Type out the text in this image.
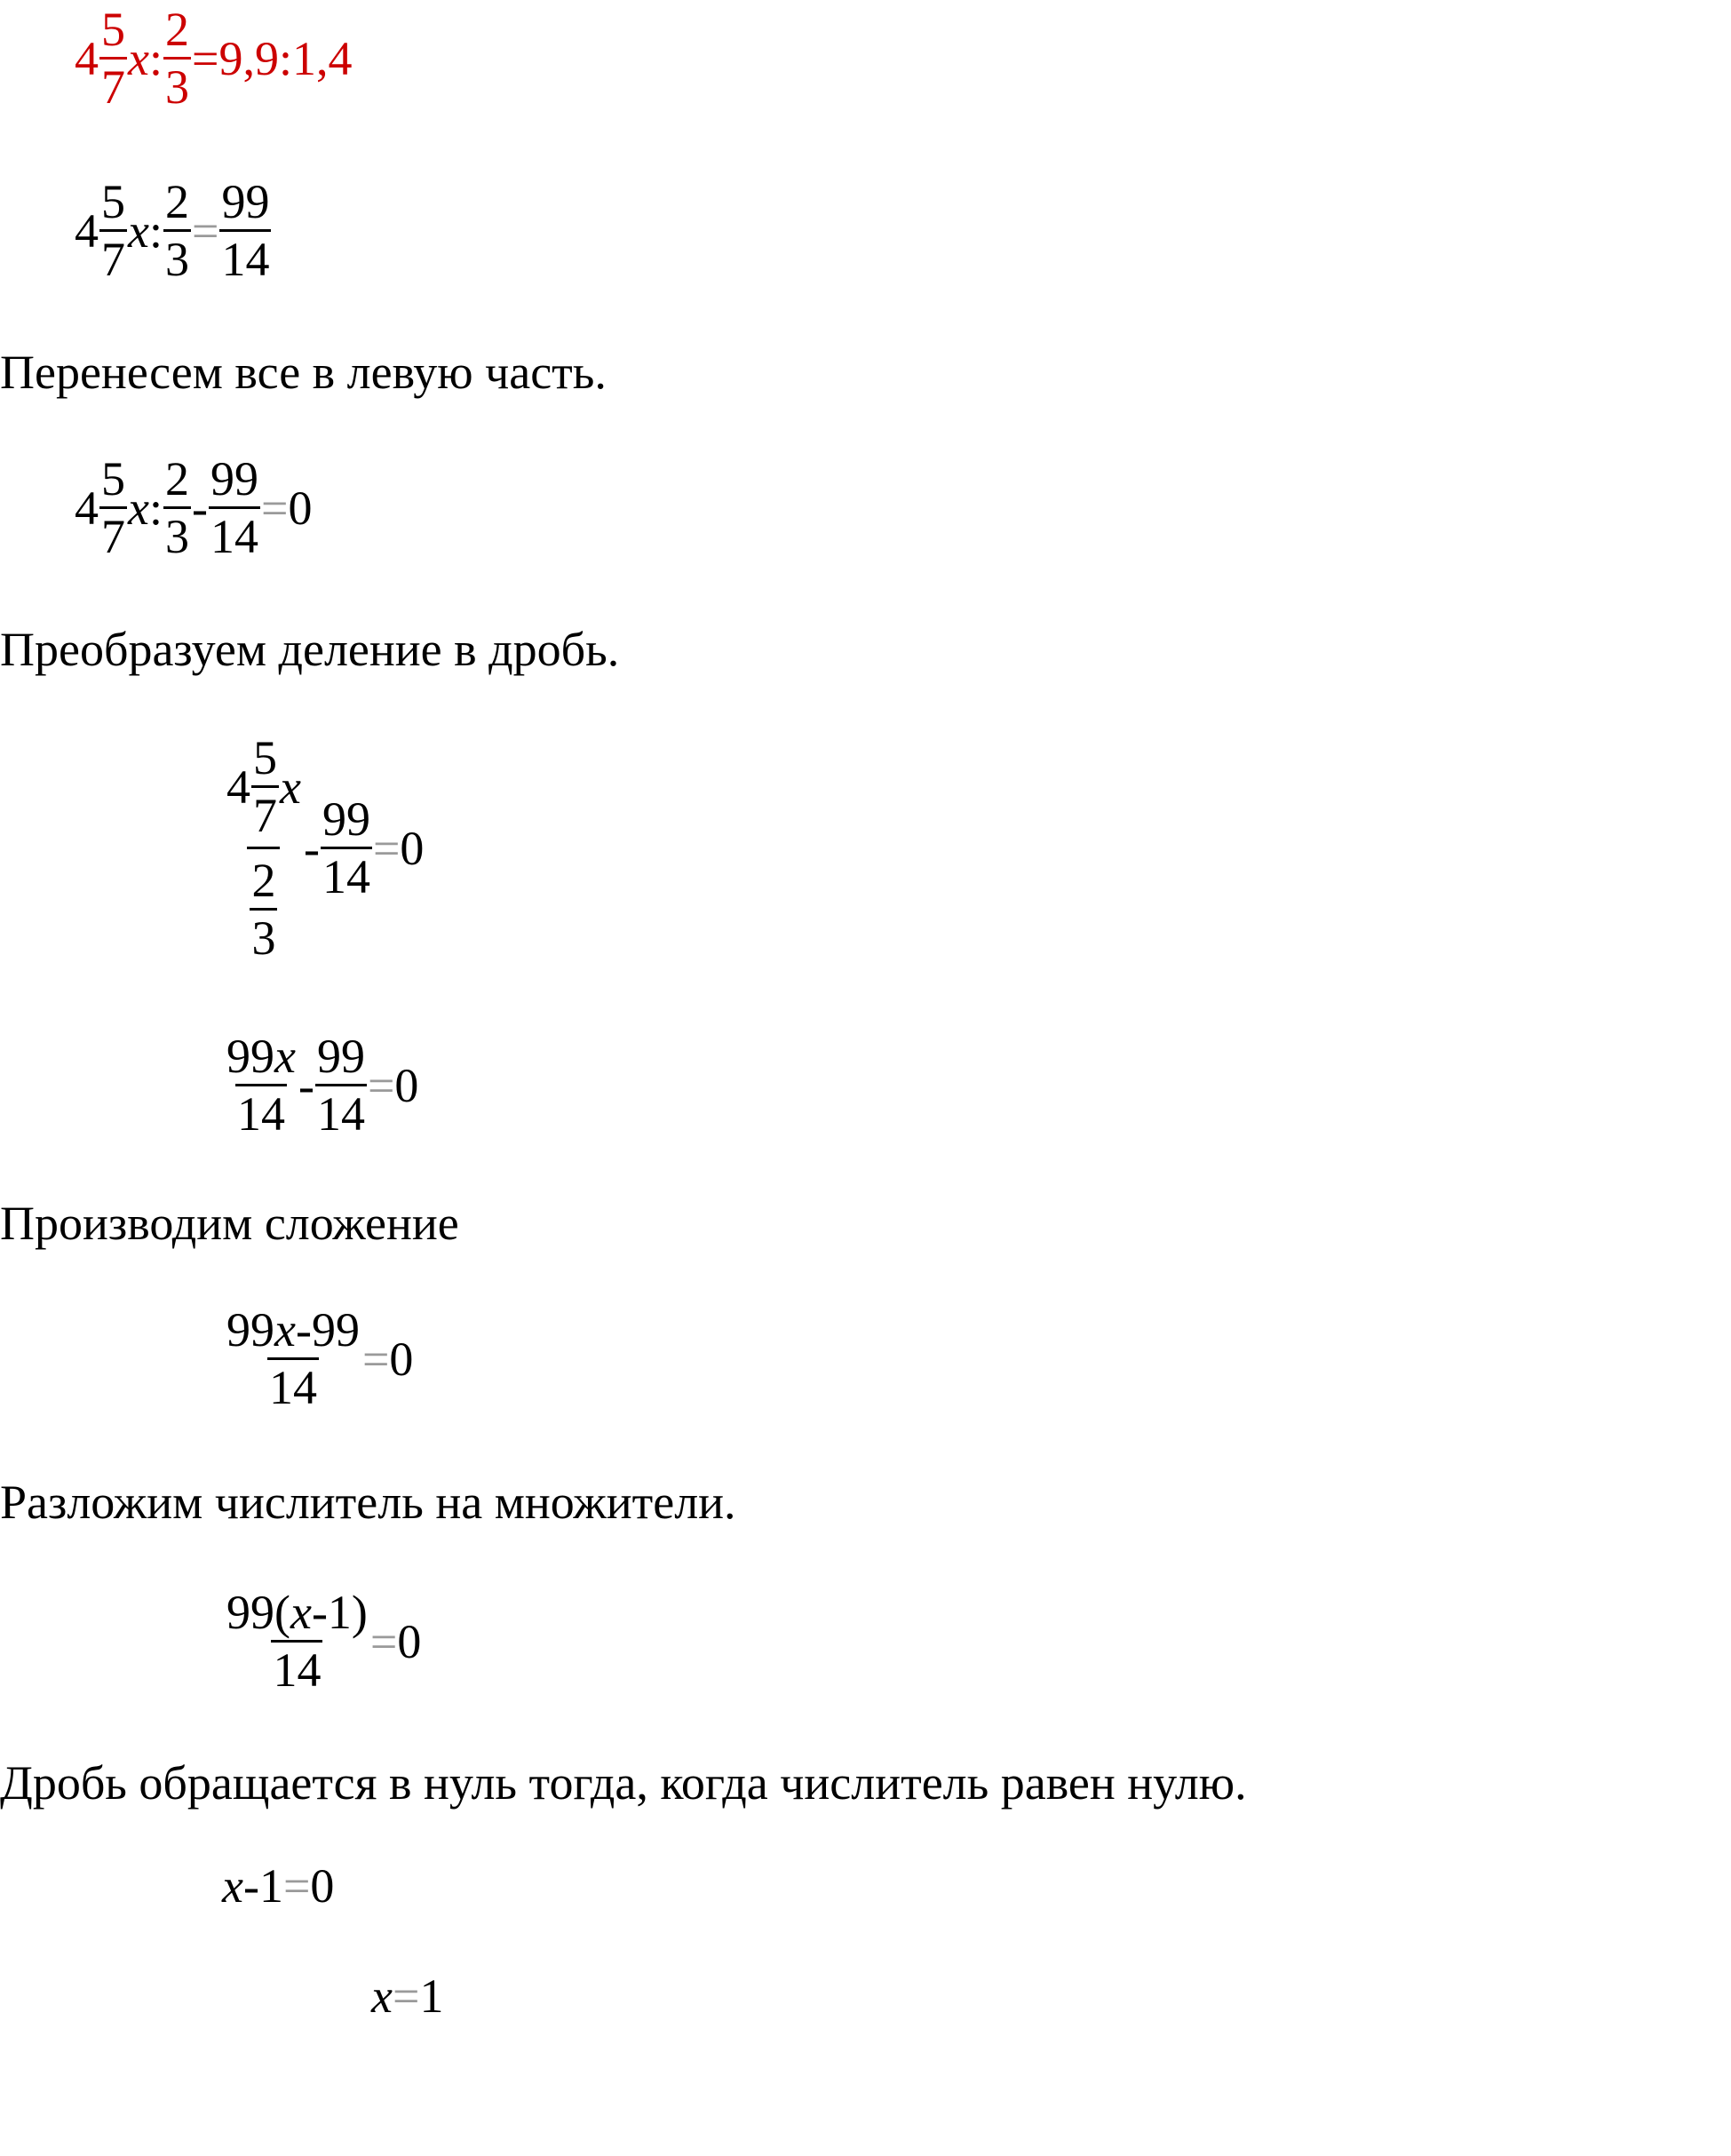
$4 \frac{5}{7}$ x : $\frac{2}{3}$ = 9,9:1,4
$4 \frac{5}{7}$ x : $\frac{2}{3} = \frac{99}{14}$
Перенесем все в левую часть.
$4 \frac{5}{7}$ x : $\frac{2}{3} - \frac{99}{14} = 0$
Преобразуем деление в дробь.
$\frac{4 \frac{5}{7} x}{\frac{2}{3}} - \frac{99}{14} = 0$
$\frac{99x}{14} - \frac{99}{14} = 0$
Производим сложение
$\frac{99x-99}{14} = 0$
Разложим числитель на множители.
$\frac{99(x-1)}{14} = 0$
Дробь обращается в нуль тогда, когда числитель равен нулю.
x -1 = 0
x = 1
